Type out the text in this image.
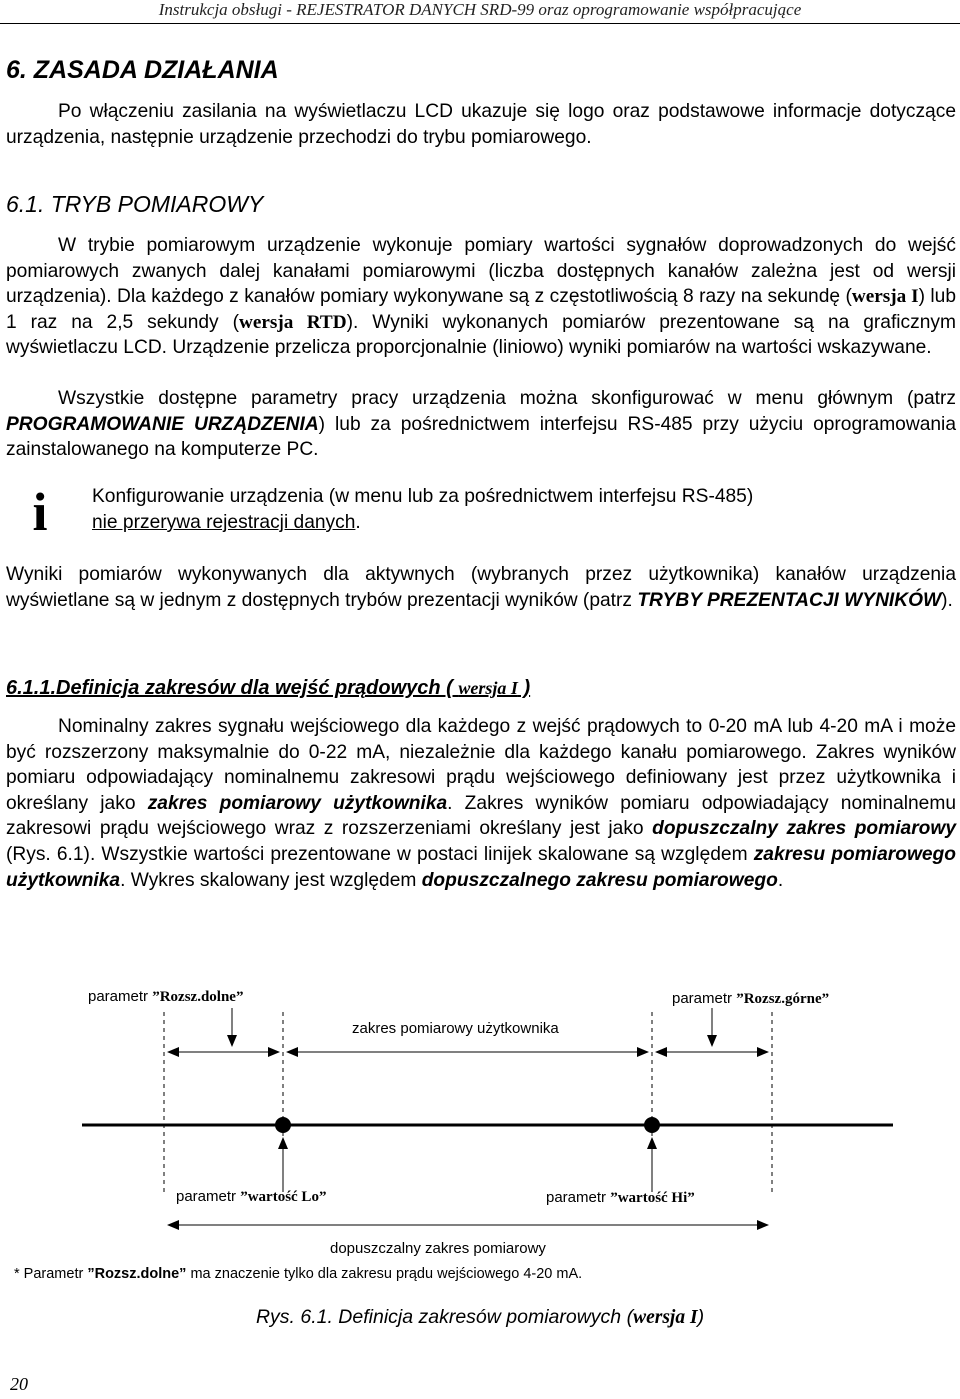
Instrukcja obsługi - REJESTRATOR DANYCH SRD-99 oraz oprogramowanie współpracujące
6. ZASADA DZIAŁANIA
Po włączeniu zasilania na wyświetlaczu LCD ukazuje się logo oraz podstawowe informacje dotyczące urządzenia, następnie urządzenie przechodzi do trybu pomiarowego.
6.1. TRYB POMIAROWY
W trybie pomiarowym urządzenie wykonuje pomiary wartości sygnałów doprowadzonych do wejść pomiarowych zwanych dalej kanałami pomiarowymi (liczba dostępnych kanałów zależna jest od wersji urządzenia). Dla każdego z kanałów pomiary wykonywane są z częstotliwością 8 razy na sekundę (wersja I) lub 1 raz na 2,5 sekundy (wersja RTD). Wyniki wykonanych pomiarów prezentowane są na graficznym wyświetlaczu LCD. Urządzenie przelicza proporcjonalnie (liniowo) wyniki pomiarów na wartości wskazywane.
Wszystkie dostępne parametry pracy urządzenia można skonfigurować w menu głównym (patrz PROGRAMOWANIE URZĄDZENIA) lub za pośrednictwem interfejsu RS-485 przy użyciu oprogramowania zainstalowanego na komputerze PC.
i	Konfigurowanie urządzenia (w menu lub za pośrednictwem interfejsu RS-485)
nie przerywa rejestracji danych.
Wyniki pomiarów wykonywanych dla aktywnych (wybranych przez użytkownika) kanałów urządzenia wyświetlane są w jednym z dostępnych trybów prezentacji wyników (patrz TRYBY PREZENTACJI WYNIKÓW).
6.1.1.Definicja zakresów dla wejść prądowych ( wersja I )
Nominalny zakres sygnału wejściowego dla każdego z wejść prądowych to 0-20 mA lub 4-20 mA i może być rozszerzony maksymalnie do 0-22 mA, niezależnie dla każdego kanału pomiarowego. Zakres wyników pomiaru odpowiadający nominalnemu zakresowi prądu wejściowego definiowany jest przez użytkownika i określany jako zakres pomiarowy użytkownika. Zakres wyników pomiaru odpowiadający nominalnemu zakresowi prądu wejściowego wraz z rozszerzeniami określany jest jako dopuszczalny zakres pomiarowy (Rys. 6.1). Wszystkie wartości prezentowane w postaci linijek skalowane są względem zakresu pomiarowego użytkownika. Wykres skalowany jest względem dopuszczalnego zakresu pomiarowego.
parametr ”Rozsz.dolne”	parametr ”Rozsz.górne”
zakres pomiarowy użytkownika
parametr ”wartość Lo”	parametr ”wartość Hi”
dopuszczalny zakres pomiarowy
* Parametr ”Rozsz.dolne” ma znaczenie tylko dla zakresu prądu wejściowego 4-20 mA.
Rys. 6.1. Definicja zakresów pomiarowych (wersja I)
20
